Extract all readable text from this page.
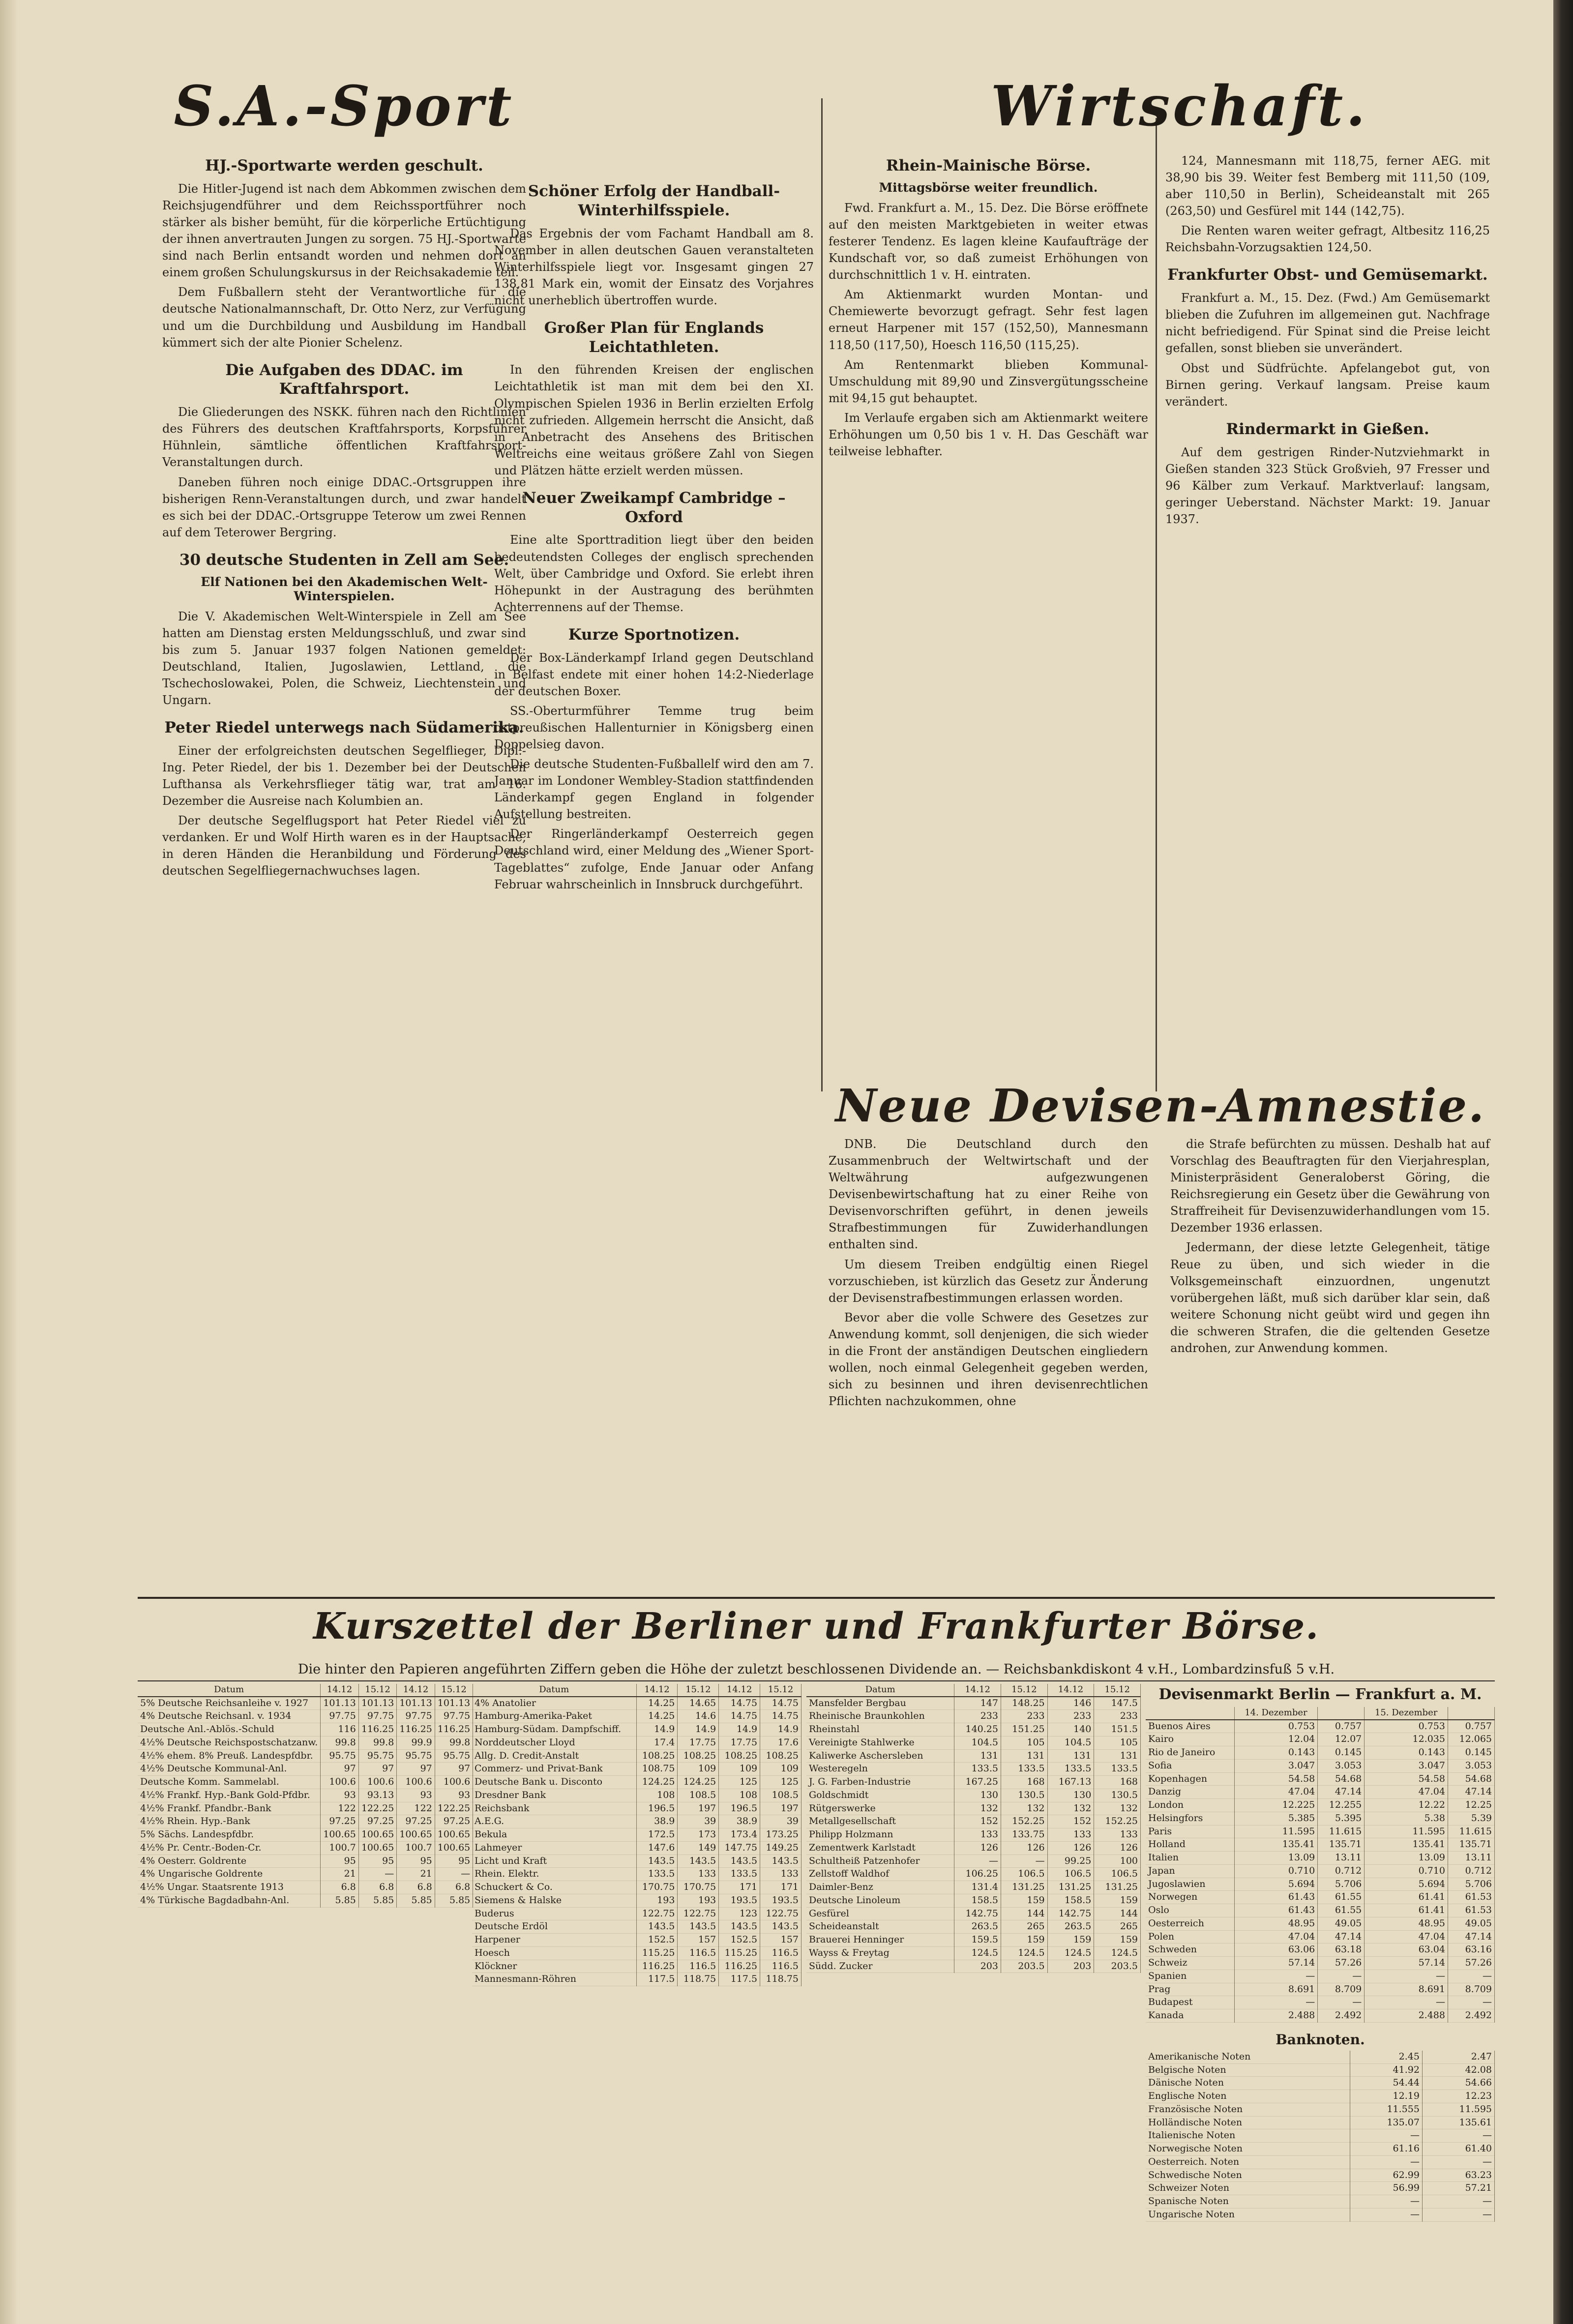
S.A.-Sport
HJ.-Sportwarte werden geschult.

Die Hitler-Jugend ist nach dem Abkommen zwischen dem Reichsjugendführer und dem Reichssportführer noch stärker als bisher bemüht, für die körperliche Ertüchtigung der ihnen anvertrauten Jungen zu sorgen. 75 HJ.-Sportwarte sind nach Berlin entsandt worden und nehmen dort an einem großen Schulungskursus in der Reichsakademie teil.

Dem Fußballern steht der Verantwortliche für die deutsche Nationalmannschaft, Dr. Otto Nerz, zur Verfügung und um die Durchbildung und Ausbildung im Handball kümmert sich der alte Pionier Schelenz.

Die Aufgaben des DDAC. im Kraftfahrsport.

Die Gliederungen des NSKK. führen nach den Richtlinien des Führers des deutschen Kraftfahrsports, Korpsführer Hühnlein, sämtliche öffentlichen Kraftfahrsport-Veranstaltungen durch.

Daneben führen noch einige DDAC.-Ortsgruppen ihre bisherigen Renn-Veranstaltungen durch, und zwar handelt es sich bei der DDAC.-Ortsgruppe Teterow um zwei Rennen auf dem Teterower Bergring.

30 deutsche Studenten in Zell am See.
Elf Nationen bei den Akademischen Welt-Winterspielen.

Die V. Akademischen Welt-Winterspiele in Zell am See hatten am Dienstag ersten Meldungsschluß, und zwar sind bis zum 5. Januar 1937 folgen Nationen gemeldet: Deutschland, Italien, Jugoslawien, Lettland, die Tschechoslowakei, Polen, die Schweiz, Liechtenstein und Ungarn.

Peter Riedel unterwegs nach Südamerika.

Einer der erfolgreichsten deutschen Segelflieger, Dipl.-Ing. Peter Riedel, der bis 1. Dezember bei der Deutschen Lufthansa als Verkehrsflieger tätig war, trat am 16. Dezember die Ausreise nach Kolumbien an.

Der deutsche Segelflugsport hat Peter Riedel viel zu verdanken. Er und Wolf Hirth waren es in der Hauptsache, in deren Händen die Heranbildung und Förderung des deutschen Segelfliegernachwuchses lagen.

Schöner Erfolg der Handball-Winterhilfsspiele.

Das Ergebnis der vom Fachamt Handball am 8. November in allen deutschen Gauen veranstalteten Winterhilfsspiele liegt vor. Insgesamt gingen 27 138,81 Mark ein, womit der Einsatz des Vorjahres nicht unerheblich übertroffen wurde.

Großer Plan für Englands Leichtathleten.

In den führenden Kreisen der englischen Leichtathletik ist man mit dem bei den XI. Olympischen Spielen 1936 in Berlin erzielten Erfolg nicht zufrieden. Allgemein herrscht die Ansicht, daß in Anbetracht des Ansehens des Britischen Weltreichs eine weitaus größere Zahl von Siegen und Plätzen hätte erzielt werden müssen.

Neuer Zweikampf Cambridge – Oxford

Eine alte Sporttradition liegt über den beiden bedeutendsten Colleges der englisch sprechenden Welt, über Cambridge und Oxford. Sie erlebt ihren Höhepunkt in der Austragung des berühmten Achterrennens auf der Themse.

Kurze Sportnotizen.

Der Box-Länderkampf Irland gegen Deutschland in Belfast endete mit einer hohen 14:2-Niederlage der deutschen Boxer.

SS.-Oberturmführer Temme trug beim ostpreußischen Hallenturnier in Königsberg einen Doppelsieg davon.

Die deutsche Studenten-Fußballelf wird den am 7. Januar im Londoner Wembley-Stadion stattfindenden Länderkampf gegen England in folgender Aufstellung bestreiten.

Der Ringerländerkampf Oesterreich gegen Deutschland wird, einer Meldung des „Wiener Sport-Tageblattes“ zufolge, Ende Januar oder Anfang Februar wahrscheinlich in Innsbruck durchgeführt.

Wirtschaft.
Rhein-Mainische Börse.
Mittagsbörse weiter freundlich.

Fwd. Frankfurt a. M., 15. Dez. Die Börse eröffnete auf den meisten Marktgebieten in weiter etwas festerer Tendenz. Es lagen kleine Kaufaufträge der Kundschaft vor, so daß zumeist Erhöhungen von durchschnittlich 1 v. H. eintraten.

Am Aktienmarkt wurden Montan- und Chemiewerte bevorzugt gefragt. Sehr fest lagen erneut Harpener mit 157 (152,50), Mannesmann 118,50 (117,50), Hoesch 116,50 (115,25).

Am Rentenmarkt blieben Kommunal-Umschuldung mit 89,90 und Zinsvergütungsscheine mit 94,15 gut behauptet.

Im Verlaufe ergaben sich am Aktienmarkt weitere Erhöhungen um 0,50 bis 1 v. H. Das Geschäft war teilweise lebhafter.

124, Mannesmann mit 118,75, ferner AEG. mit 38,90 bis 39. Weiter fest Bemberg mit 111,50 (109, aber 110,50 in Berlin), Scheideanstalt mit 265 (263,50) und Gesfürel mit 144 (142,75).

Die Renten waren weiter gefragt, Altbesitz 116,25 Reichsbahn-Vorzugsaktien 124,50.

Frankfurter Obst- und Gemüsemarkt.

Frankfurt a. M., 15. Dez. (Fwd.) Am Gemüsemarkt blieben die Zufuhren im allgemeinen gut. Nachfrage nicht befriedigend. Für Spinat sind die Preise leicht gefallen, sonst blieben sie unverändert.

Obst und Südfrüchte. Apfelangebot gut, von Birnen gering. Verkauf langsam. Preise kaum verändert.

Rindermarkt in Gießen.

Auf dem gestrigen Rinder-Nutzviehmarkt in Gießen standen 323 Stück Großvieh, 97 Fresser und 96 Kälber zum Verkauf. Marktverlauf: langsam, geringer Ueberstand. Nächster Markt: 19. Januar 1937.

Neue Devisen-Amnestie.

DNB. Die Deutschland durch den Zusammenbruch der Weltwirtschaft und der Weltwährung aufgezwungenen Devisenbewirtschaftung hat zu einer Reihe von Devisenvorschriften geführt, in denen jeweils Strafbestimmungen für Zuwiderhandlungen enthalten sind.

Um diesem Treiben endgültig einen Riegel vorzuschieben, ist kürzlich das Gesetz zur Änderung der Devisenstrafbestimmungen erlassen worden.

Bevor aber die volle Schwere des Gesetzes zur Anwendung kommt, soll denjenigen, die sich wieder in die Front der anständigen Deutschen eingliedern wollen, noch einmal Gelegenheit gegeben werden, sich zu besinnen und ihren devisenrechtlichen Pflichten nachzukommen, ohne

die Strafe befürchten zu müssen. Deshalb hat auf Vorschlag des Beauftragten für den Vierjahresplan, Ministerpräsident Generaloberst Göring, die Reichsregierung ein Gesetz über die Gewährung von Straffreiheit für Devisenzuwiderhandlungen vom 15. Dezember 1936 erlassen.

Jedermann, der diese letzte Gelegenheit, tätige Reue zu üben, und sich wieder in die Volksgemeinschaft einzuordnen, ungenutzt vorübergehen läßt, muß sich darüber klar sein, daß weitere Schonung nicht geübt wird und gegen ihn die schweren Strafen, die die geltenden Gesetze androhen, zur Anwendung kommen.

Kurszettel der Berliner und Frankfurter Börse.
Die hinter den Papieren angeführten Ziffern geben die Höhe der zuletzt beschlossenen Dividende an. — Reichsbankdiskont 4 v.H., Lombardzinsfuß 5 v.H.
Datum	14.12	15.12	14.12	15.12
5% Deutsche Reichsanleihe v. 1927	101.13	101.13	101.13	101.13
4% Deutsche Reichsanl. v. 1934	97.75	97.75	97.75	97.75
Deutsche Anl.-Ablös.-Schuld	116	116.25	116.25	116.25
4½% Deutsche Reichspostschatzanw.	99.8	99.8	99.9	99.8
4½% ehem. 8% Preuß. Landespfdbr.	95.75	95.75	95.75	95.75
4½% Deutsche Kommunal-Anl.	97	97	97	97
Deutsche Komm. Sammelabl.	100.6	100.6	100.6	100.6
4½% Frankf. Hyp.-Bank Gold-Pfdbr.	93	93.13	93	93
4½% Frankf. Pfandbr.-Bank	122	122.25	122	122.25
4½% Rhein. Hyp.-Bank	97.25	97.25	97.25	97.25
5% Sächs. Landespfdbr.	100.65	100.65	100.65	100.65
4½% Pr. Centr.-Boden-Cr.	100.7	100.65	100.7	100.65
4% Oesterr. Goldrente	95	95	95	95
4% Ungarische Goldrente	21	—	21	—
4½% Ungar. Staatsrente 1913	6.8	6.8	6.8	6.8
4% Türkische Bagdadbahn-Anl.	5.85	5.85	5.85	5.85
Datum	14.12	15.12	14.12	15.12
4% Anatolier	14.25	14.65	14.75	14.75
Hamburg-Amerika-Paket	14.25	14.6	14.75	14.75
Hamburg-Südam. Dampfschiff.	14.9	14.9	14.9	14.9
Norddeutscher Lloyd	17.4	17.75	17.75	17.6
Allg. D. Credit-Anstalt	108.25	108.25	108.25	108.25
Commerz- und Privat-Bank	108.75	109	109	109
Deutsche Bank u. Disconto	124.25	124.25	125	125
Dresdner Bank	108	108.5	108	108.5
Reichsbank	196.5	197	196.5	197
A.E.G.	38.9	39	38.9	39
Bekula	172.5	173	173.4	173.25
Lahmeyer	147.6	149	147.75	149.25
Licht und Kraft	143.5	143.5	143.5	143.5
Rhein. Elektr.	133.5	133	133.5	133
Schuckert & Co.	170.75	170.75	171	171
Siemens & Halske	193	193	193.5	193.5
Buderus	122.75	122.75	123	122.75
Deutsche Erdöl	143.5	143.5	143.5	143.5
Harpener	152.5	157	152.5	157
Hoesch	115.25	116.5	115.25	116.5
Klöckner	116.25	116.5	116.25	116.5
Mannesmann-Röhren	117.5	118.75	117.5	118.75
Datum	14.12	15.12	14.12	15.12
Mansfelder Bergbau	147	148.25	146	147.5
Rheinische Braunkohlen	233	233	233	233
Rheinstahl	140.25	151.25	140	151.5
Vereinigte Stahlwerke	104.5	105	104.5	105
Kaliwerke Aschersleben	131	131	131	131
Westeregeln	133.5	133.5	133.5	133.5
J. G. Farben-Industrie	167.25	168	167.13	168
Goldschmidt	130	130.5	130	130.5
Rütgerswerke	132	132	132	132
Metallgesellschaft	152	152.25	152	152.25
Philipp Holzmann	133	133.75	133	133
Zementwerk Karlstadt	126	126	126	126
Schultheiß Patzenhofer	—	—	99.25	100
Zellstoff Waldhof	106.25	106.5	106.5	106.5
Daimler-Benz	131.4	131.25	131.25	131.25
Deutsche Linoleum	158.5	159	158.5	159
Gesfürel	142.75	144	142.75	144
Scheideanstalt	263.5	265	263.5	265
Brauerei Henninger	159.5	159	159	159
Wayss & Freytag	124.5	124.5	124.5	124.5
Südd. Zucker	203	203.5	203	203.5
Devisenmarkt Berlin — Frankfurt a. M.
	14. Dezember		15. Dezember	
Buenos Aires	0.753	0.757	0.753	0.757
Kairo	12.04	12.07	12.035	12.065
Rio de Janeiro	0.143	0.145	0.143	0.145
Sofia	3.047	3.053	3.047	3.053
Kopenhagen	54.58	54.68	54.58	54.68
Danzig	47.04	47.14	47.04	47.14
London	12.225	12.255	12.22	12.25
Helsingfors	5.385	5.395	5.38	5.39
Paris	11.595	11.615	11.595	11.615
Holland	135.41	135.71	135.41	135.71
Italien	13.09	13.11	13.09	13.11
Japan	0.710	0.712	0.710	0.712
Jugoslawien	5.694	5.706	5.694	5.706
Norwegen	61.43	61.55	61.41	61.53
Oslo	61.43	61.55	61.41	61.53
Oesterreich	48.95	49.05	48.95	49.05
Polen	47.04	47.14	47.04	47.14
Schweden	63.06	63.18	63.04	63.16
Schweiz	57.14	57.26	57.14	57.26
Spanien	—	—	—	—
Prag	8.691	8.709	8.691	8.709
Budapest	—	—	—	—
Kanada	2.488	2.492	2.488	2.492
Banknoten.
Amerikanische Noten	2.45	2.47
Belgische Noten	41.92	42.08
Dänische Noten	54.44	54.66
Englische Noten	12.19	12.23
Französische Noten	11.555	11.595
Holländische Noten	135.07	135.61
Italienische Noten	—	—
Norwegische Noten	61.16	61.40
Oesterreich. Noten	—	—
Schwedische Noten	62.99	63.23
Schweizer Noten	56.99	57.21
Spanische Noten	—	—
Ungarische Noten	—	—
